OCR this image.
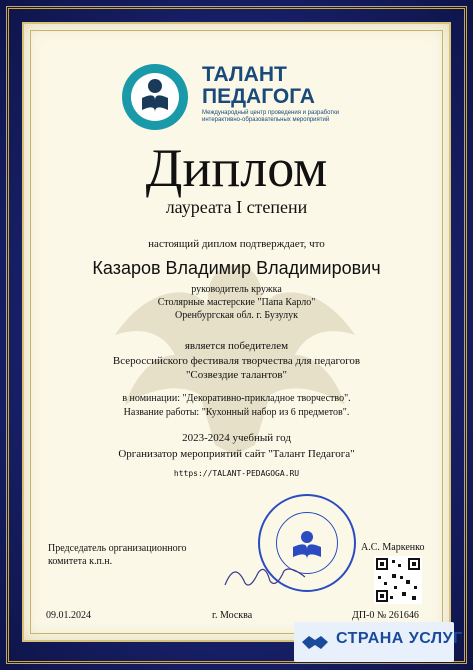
ТАЛАНТ
ПЕДАГОГА
Международный центр проведения и разработки интерактивно-образовательных мероприятий

Диплом

лауреата I степени

настоящий диплом подтверждает, что

Казаров Владимир Владимирович

руководитель кружка

Столярные мастерские "Папа Карло"

Оренбургская обл. г. Бузулук

является победителем

Всероссийского фестиваля творчества для педагогов

"Созвездие талантов"

в номинации: "Декоративно-прикладное творчество".

Название работы: "Кухонный набор из 6 предметов".

2023-2024 учебный год

Организатор мероприятий сайт "Талант Педагога"

https://TALANT-PEDAGOGA.RU

Председатель организационного
комитета к.п.н.
А.С. Маркенко
09.01.2024	г. Москва	ДП-0 № 261646
СТРАНА УСЛУГ
